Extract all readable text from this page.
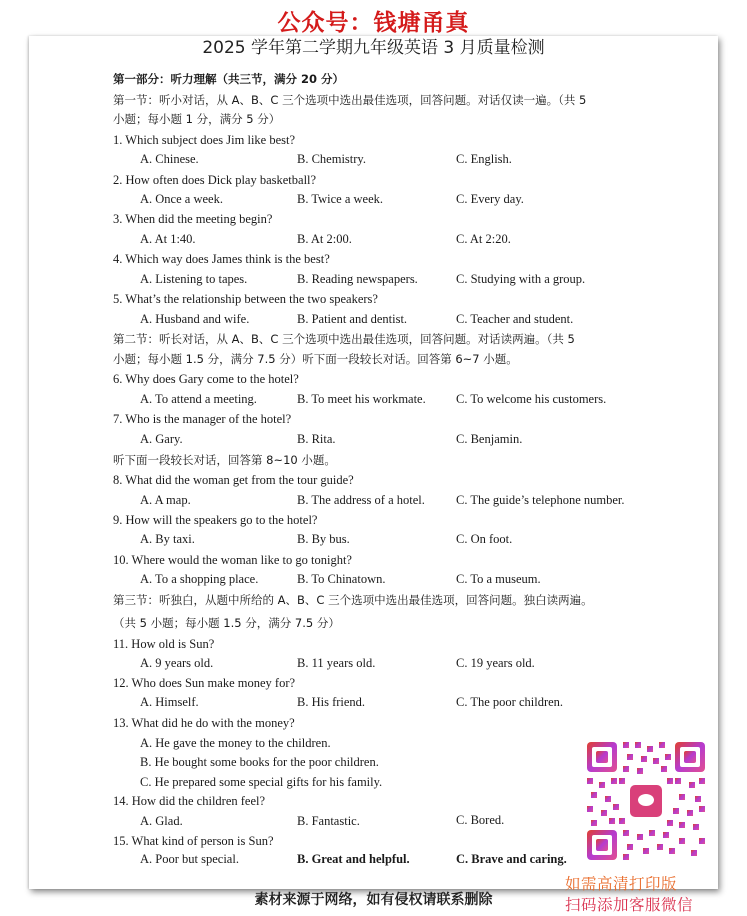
公众号：钱塘甬真
2025 学年第二学期九年级英语 3 月质量检测
第一部分：听力理解（共三节，满分 20 分）
第一节：听小对话，从 A、B、C 三个选项中选出最佳选项，回答问题。对话仅读一遍。（共 5
小题；每小题 1 分，满分 5 分）
1. Which subject does Jim like best?
A. Chinese.	B. Chemistry.	C. English.
2. How often does Dick play basketball?
A. Once a week.	B. Twice a week.	C. Every day.
3. When did the meeting begin?
A. At 1:40.	B. At 2:00.	C. At 2:20.
4. Which way does James think is the best?
A. Listening to tapes.	B. Reading newspapers.	C. Studying with a group.
5. What’s the relationship between the two speakers?
A. Husband and wife.	B. Patient and dentist.	C. Teacher and student.
第二节：听长对话，从 A、B、C 三个选项中选出最佳选项，回答问题。对话读两遍。（共 5
小题；每小题 1.5 分，满分 7.5 分）听下面一段较长对话。回答第 6~7 小题。
6. Why does Gary come to the hotel?
A. To attend a meeting.	B. To meet his workmate. C. To welcome his customers.
7. Who is the manager of the hotel?
A. Gary.	B. Rita.	C. Benjamin.
听下面一段较长对话，回答第 8~10 小题。
8. What did the woman get from the tour guide?
A. A map.	B. The address of a hotel. C. The guide’s telephone number.
9. How will the speakers go to the hotel?
A. By taxi.	B. By bus.	C. On foot.
10. Where would the woman like to go tonight?
A. To a shopping place.	B. To Chinatown.	C. To a museum.
第三节：听独白，从题中所给的 A、B、C 三个选项中选出最佳选项，回答问题。独白读两遍。
（共 5 小题；每小题 1.5 分，满分 7.5 分）
11. How old is Sun?
A. 9 years old.	B. 11 years old.	C. 19 years old.
12. Who does Sun make money for?
A. Himself.	B. His friend.	C. The poor children.
13. What did he do with the money?
A. He gave the money to the children.
B. He bought some books for the poor children.
C. He prepared some special gifts for his family.
14. How did the children feel?
A. Glad.	B. Fantastic.	C. Bored.
15. What kind of person is Sun?
A. Poor but special.	B. Great and helpful.	C. Brave and caring.
素材来源于网络，如有侵权请联系删除
如需高清打印版
扫码添加客服微信
